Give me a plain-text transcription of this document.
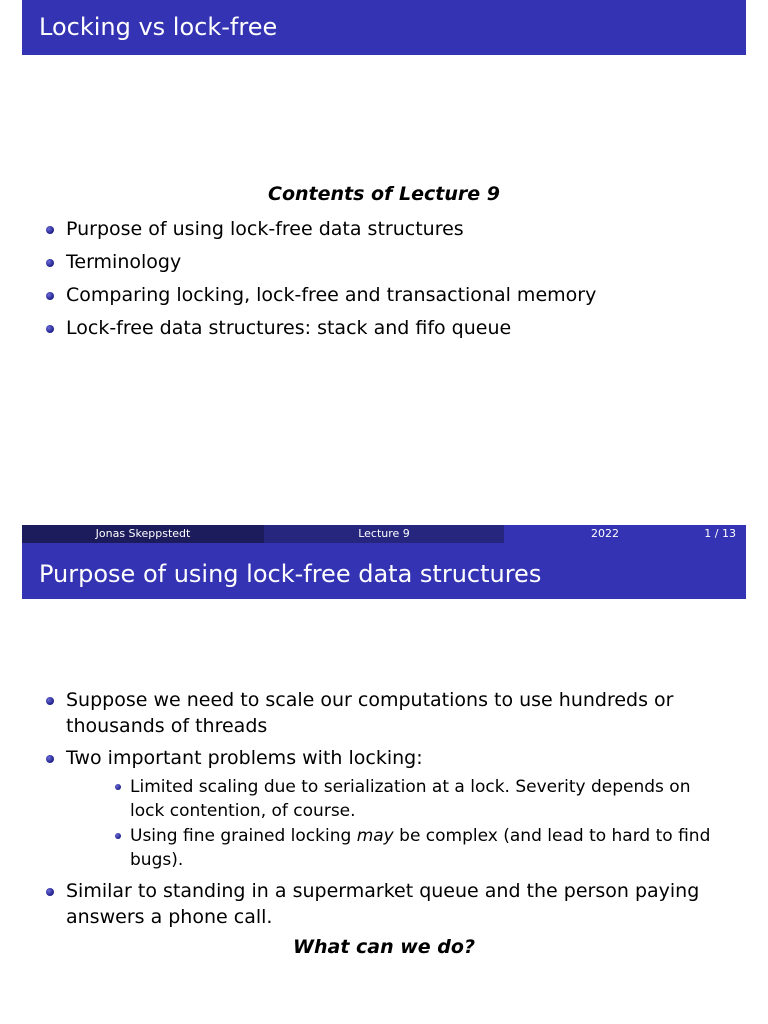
Locking vs lock-free
Contents of Lecture 9
Purpose of using lock-free data structures
Terminology
Comparing locking, lock-free and transactional memory
Lock-free data structures: stack and fifo queue
Jonas Skeppstedt	Lecture 9	2022	1 / 13
Purpose of using lock-free data structures
Suppose we need to scale our computations to use hundreds or thousands of threads
Two important problems with locking:
Limited scaling due to serialization at a lock. Severity depends on lock contention, of course.
Using fine grained locking may be complex (and lead to hard to find bugs).
Similar to standing in a supermarket queue and the person paying answers a phone call.
What can we do?
